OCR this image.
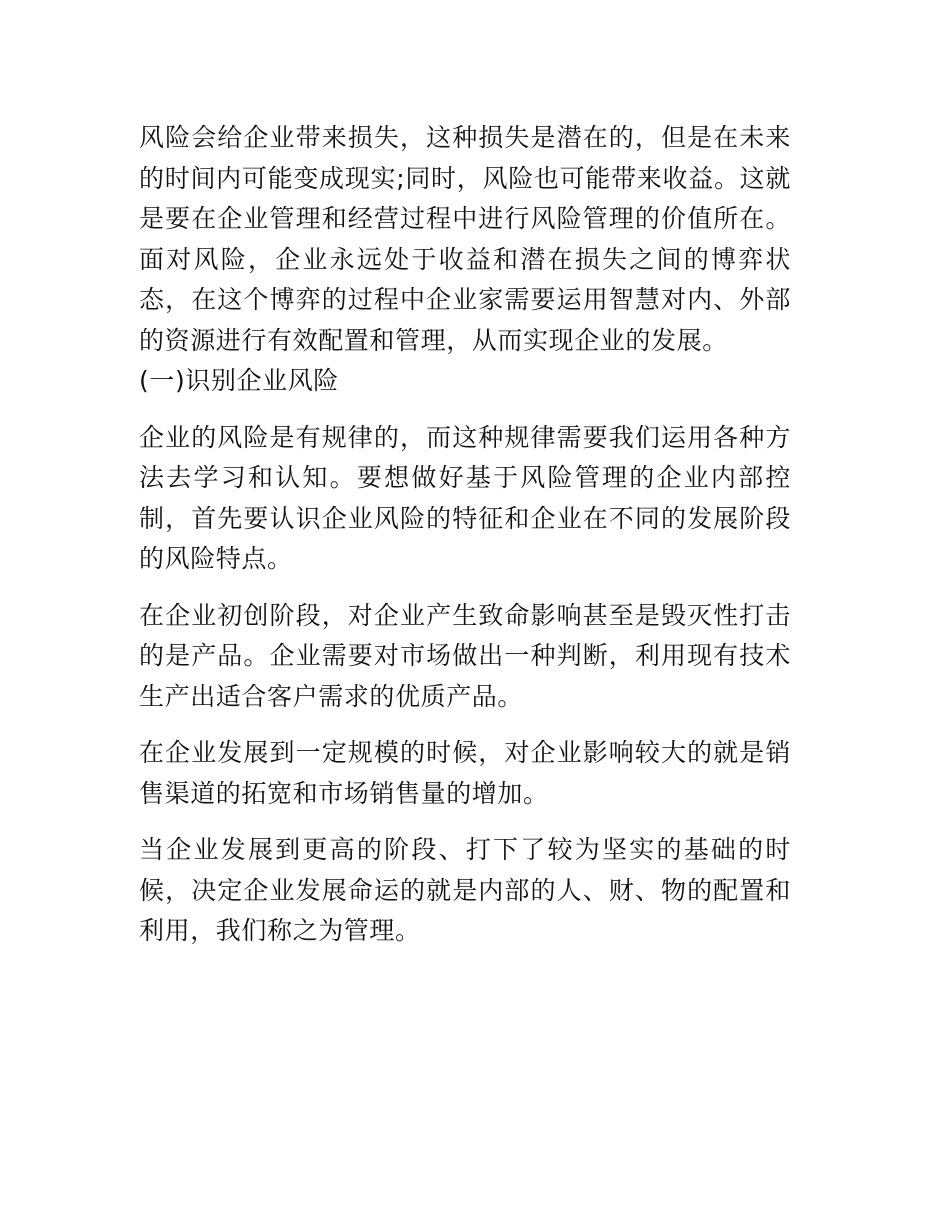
风险会给企业带来损失，这种损失是潜在的，但是在未来的时间内可能变成现实;同时，风险也可能带来收益。这就是要在企业管理和经营过程中进行风险管理的价值所在。面对风险，企业永远处于收益和潜在损失之间的博弈状态，在这个博弈的过程中企业家需要运用智慧对内、外部的资源进行有效配置和管理，从而实现企业的发展。

(一)识别企业风险

企业的风险是有规律的，而这种规律需要我们运用各种方法去学习和认知。要想做好基于风险管理的企业内部控制，首先要认识企业风险的特征和企业在不同的发展阶段的风险特点。

在企业初创阶段，对企业产生致命影响甚至是毁灭性打击的是产品。企业需要对市场做出一种判断，利用现有技术生产出适合客户需求的优质产品。

在企业发展到一定规模的时候，对企业影响较大的就是销售渠道的拓宽和市场销售量的增加。

当企业发展到更高的阶段、打下了较为坚实的基础的时候，决定企业发展命运的就是内部的人、财、物的配置和利用，我们称之为管理。
